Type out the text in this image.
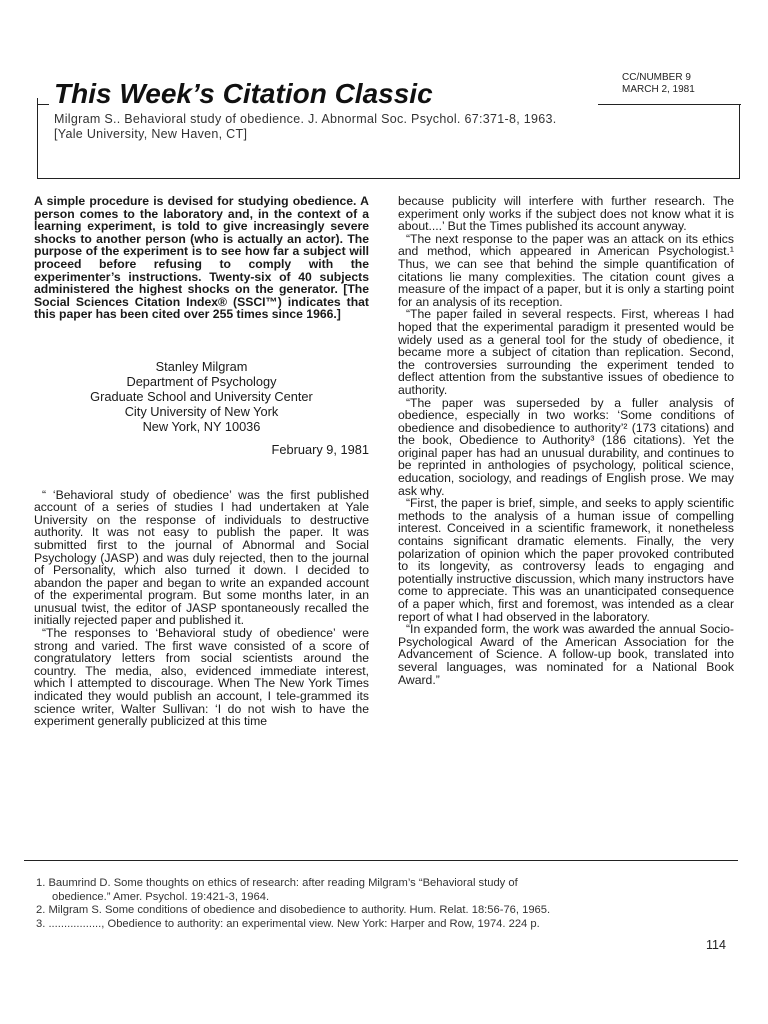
This Week’s Citation Classic
CC/NUMBER 9
MARCH 2, 1981
Milgram S.. Behavioral study of obedience. J. Abnormal Soc. Psychol. 67:371-8, 1963.
[Yale University, New Haven, CT]

A simple procedure is devised for studying obedience. A person comes to the laboratory and, in the context of a learning experiment, is told to give increasingly severe shocks to another person (who is actually an actor). The purpose of the experiment is to see how far a subject will proceed before refusing to comply with the experimenter’s instructions. Twenty-six of 40 subjects administered the highest shocks on the generator. [The Social Sciences Citation Index® (SSCI™) indicates that this paper has been cited over 255 times since 1966.]

Stanley Milgram
Department of Psychology
Graduate School and University Center
City University of New York
New York, NY 10036
February 9, 1981

“ ‘Behavioral study of obedience’ was the first published account of a series of studies I had undertaken at Yale University on the response of individuals to destructive authority. It was not easy to publish the paper. It was submitted first to the journal of Abnormal and Social Psychology (JASP) and was duly rejected, then to the journal of Personality, which also turned it down. I decided to abandon the paper and began to write an expanded account of the experimental program. But some months later, in an unusual twist, the editor of JASP spontaneously recalled the initially rejected paper and published it.

“The responses to ‘Behavioral study of obedience’ were strong and varied. The first wave consisted of a score of congratulatory letters from social scientists around the country. The media, also, evidenced immediate interest, which I attempted to discourage. When The New York Times indicated they would publish an account, I tele-grammed its science writer, Walter Sullivan: ‘I do not wish to have the experiment generally publicized at this time

because publicity will interfere with further research. The experiment only works if the subject does not know what it is about....’ But the Times published its account anyway.

“The next response to the paper was an attack on its ethics and method, which appeared in American Psychologist.¹ Thus, we can see that behind the simple quantification of citations lie many complexities. The citation count gives a measure of the impact of a paper, but it is only a starting point for an analysis of its reception.

“The paper failed in several respects. First, whereas I had hoped that the experimental paradigm it presented would be widely used as a general tool for the study of obedience, it became more a subject of citation than replication. Second, the controversies surrounding the experiment tended to deflect attention from the substantive issues of obedience to authority.

“The paper was superseded by a fuller analysis of obedience, especially in two works: ‘Some conditions of obedience and disobedience to authority’² (173 citations) and the book, Obedience to Authority³ (186 citations). Yet the original paper has had an unusual durability, and continues to be reprinted in anthologies of psychology, political science, education, sociology, and readings of English prose. We may ask why.

“First, the paper is brief, simple, and seeks to apply scientific methods to the analysis of a human issue of compelling interest. Conceived in a scientific framework, it nonetheless contains significant dramatic elements. Finally, the very polarization of opinion which the paper provoked contributed to its longevity, as controversy leads to engaging and potentially instructive discussion, which many instructors have come to appreciate. This was an unanticipated consequence of a paper which, first and foremost, was intended as a clear report of what I had observed in the laboratory.

“In expanded form, the work was awarded the annual Socio-Psychological Award of the American Association for the Advancement of Science. A follow-up book, translated into several languages, was nominated for a National Book Award.”

1. Baumrind D. Some thoughts on ethics of research: after reading Milgram’s “Behavioral study of
obedience.” Amer. Psychol. 19:421-3, 1964.

2. Milgram S. Some conditions of obedience and disobedience to authority. Hum. Relat. 18:56-76, 1965.

3. ................., Obedience to authority: an experimental view. New York: Harper and Row, 1974. 224 p.

114
